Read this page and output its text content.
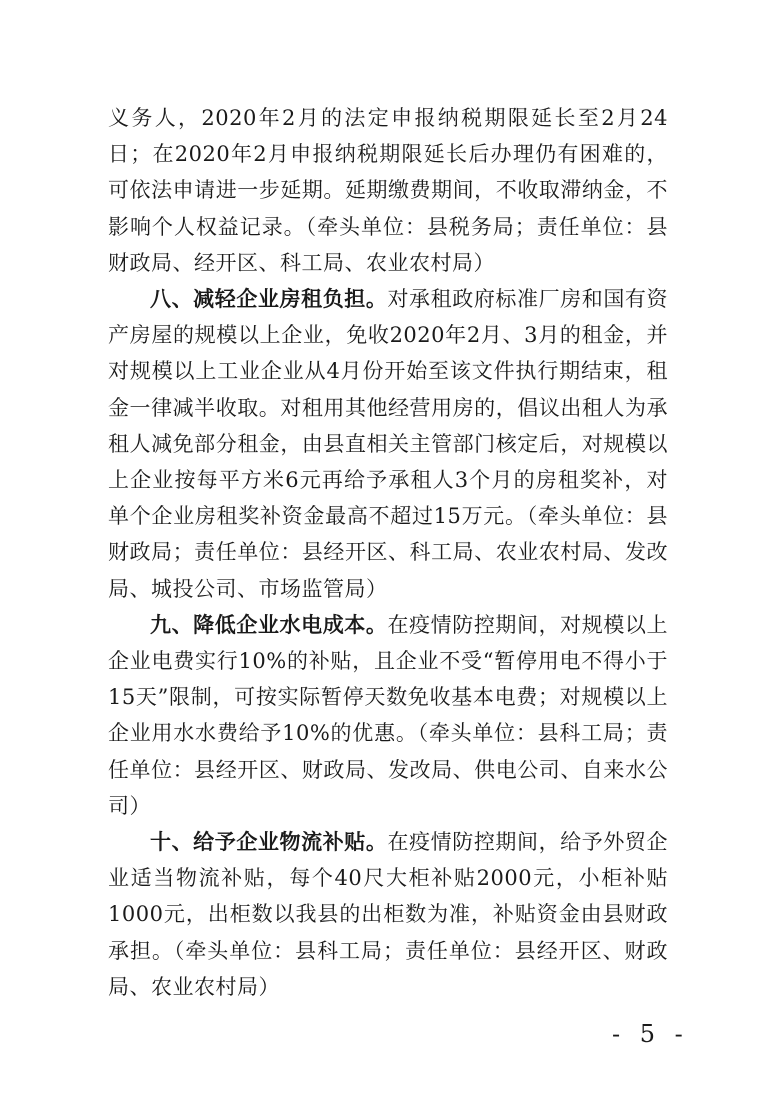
义务人，2020年2月的法定申报纳税期限延长至2月24日；在2020年2月申报纳税期限延长后办理仍有困难的，可依法申请进一步延期。延期缴费期间，不收取滞纳金，不影响个人权益记录。（牵头单位：县税务局；责任单位：县财政局、经开区、科工局、农业农村局）

八、减轻企业房租负担。对承租政府标准厂房和国有资产房屋的规模以上企业，免收2020年2月、3月的租金，并对规模以上工业企业从4月份开始至该文件执行期结束，租金一律减半收取。对租用其他经营用房的，倡议出租人为承租人减免部分租金，由县直相关主管部门核定后，对规模以上企业按每平方米6元再给予承租人3个月的房租奖补，对单个企业房租奖补资金最高不超过15万元。（牵头单位：县财政局；责任单位：县经开区、科工局、农业农村局、发改局、城投公司、市场监管局）

九、降低企业水电成本。在疫情防控期间，对规模以上企业电费实行10%的补贴，且企业不受“暂停用电不得小于15天”限制，可按实际暂停天数免收基本电费；对规模以上企业用水水费给予10%的优惠。（牵头单位：县科工局；责任单位：县经开区、财政局、发改局、供电公司、自来水公司）

十、给予企业物流补贴。在疫情防控期间，给予外贸企业适当物流补贴，每个40尺大柜补贴2000元，小柜补贴1000元，出柜数以我县的出柜数为准，补贴资金由县财政承担。（牵头单位：县科工局；责任单位：县经开区、财政局、农业农村局）

- 5 -
